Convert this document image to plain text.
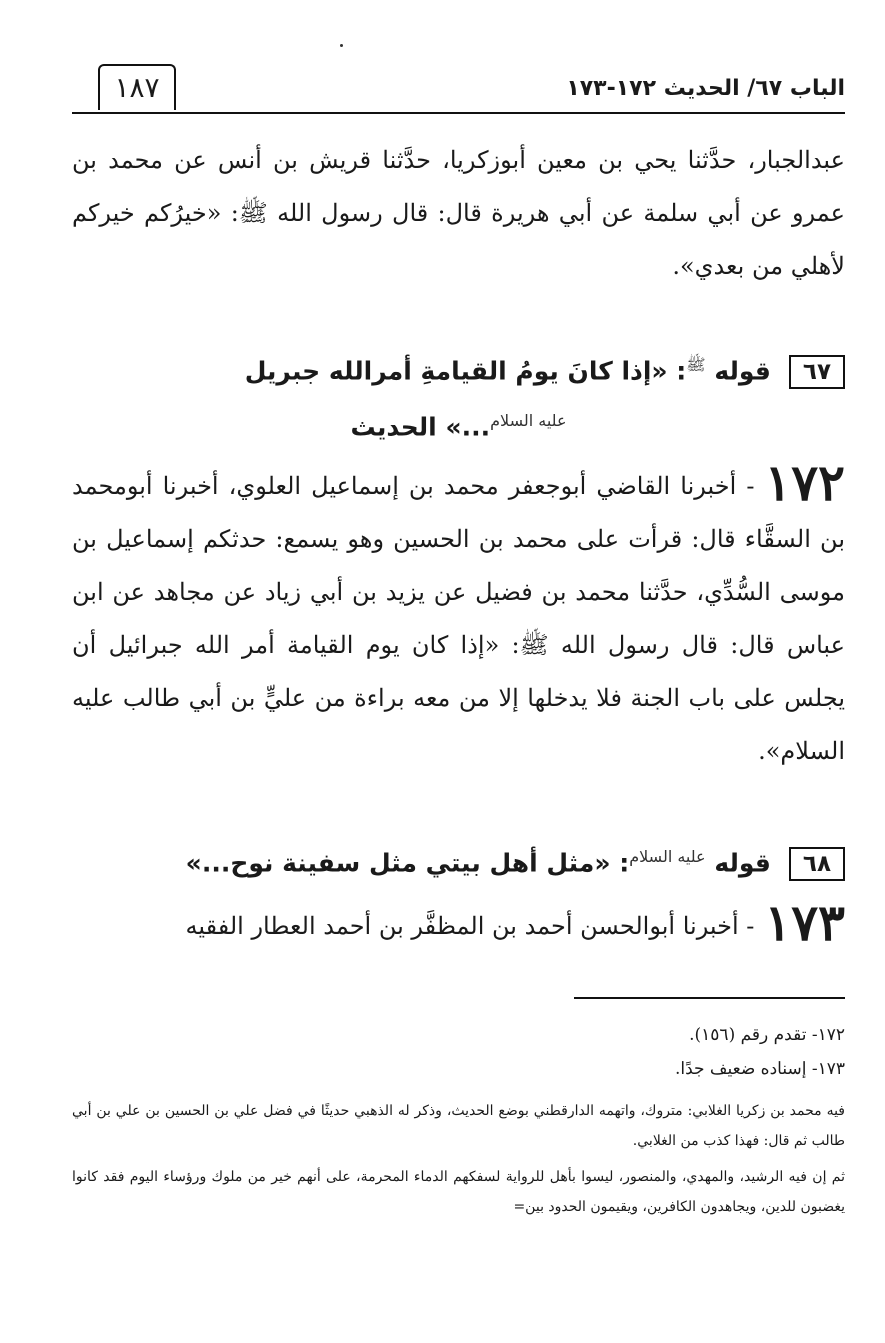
الباب ٦٧/ الحديث ١٧٢-١٧٣
١٨٧

عبدالجبار، حدَّثنا يحي بن معين أبوزكريا، حدَّثنا قريش بن أنس عن محمد بن عمرو عن أبي سلمة عن أبي هريرة قال: قال رسول الله ﷺ: «خيرُكم خيركم لأهلي من بعدي».

٦٧قوله $^ﷺ$: «إذا كانَ يومُ القيامةِ أمرالله جبريل
$^{عليه السلام}$...» الحديث

١٧٢- أخبرنا القاضي أبوجعفر محمد بن إسماعيل العلوي، أخبرنا أبومحمد بن السقَّاء قال: قرأت على محمد بن الحسين وهو يسمع: حدثكم إسماعيل بن موسى السُّدِّي، حدَّثنا محمد بن فضيل عن يزيد بن أبي زياد عن مجاهد عن ابن عباس قال: قال رسول الله ﷺ: «إذا كان يوم القيامة أمر الله جبرائيل أن يجلس على باب الجنة فلا يدخلها إلا من معه براءة من عليٍّ بن أبي طالب عليه السلام».

٦٨قوله $^{عليه السلام}$: «مثل أهل بيتي مثل سفينة نوح...»

١٧٣- أخبرنا أبوالحسن أحمد بن المظفَّر بن أحمد العطار الفقيه

١٧٢- تقدم رقم (١٥٦).

١٧٣- إسناده ضعيف جدًا.

فيه محمد بن زكريا الغلابي: متروك، واتهمه الدارقطني بوضع الحديث، وذكر له الذهبي حديثًا في فضل علي بن الحسين بن علي بن أبي طالب ثم قال: فهذا كذب من الغلابي.

ثم إن فيه الرشيد، والمهدي، والمنصور، ليسوا بأهل للرواية لسفكهم الدماء المحرمة، على أنهم خير من ملوك ورؤساء اليوم فقد كانوا يغضبون للدين، ويجاهدون الكافرين، ويقيمون الحدود بين=
